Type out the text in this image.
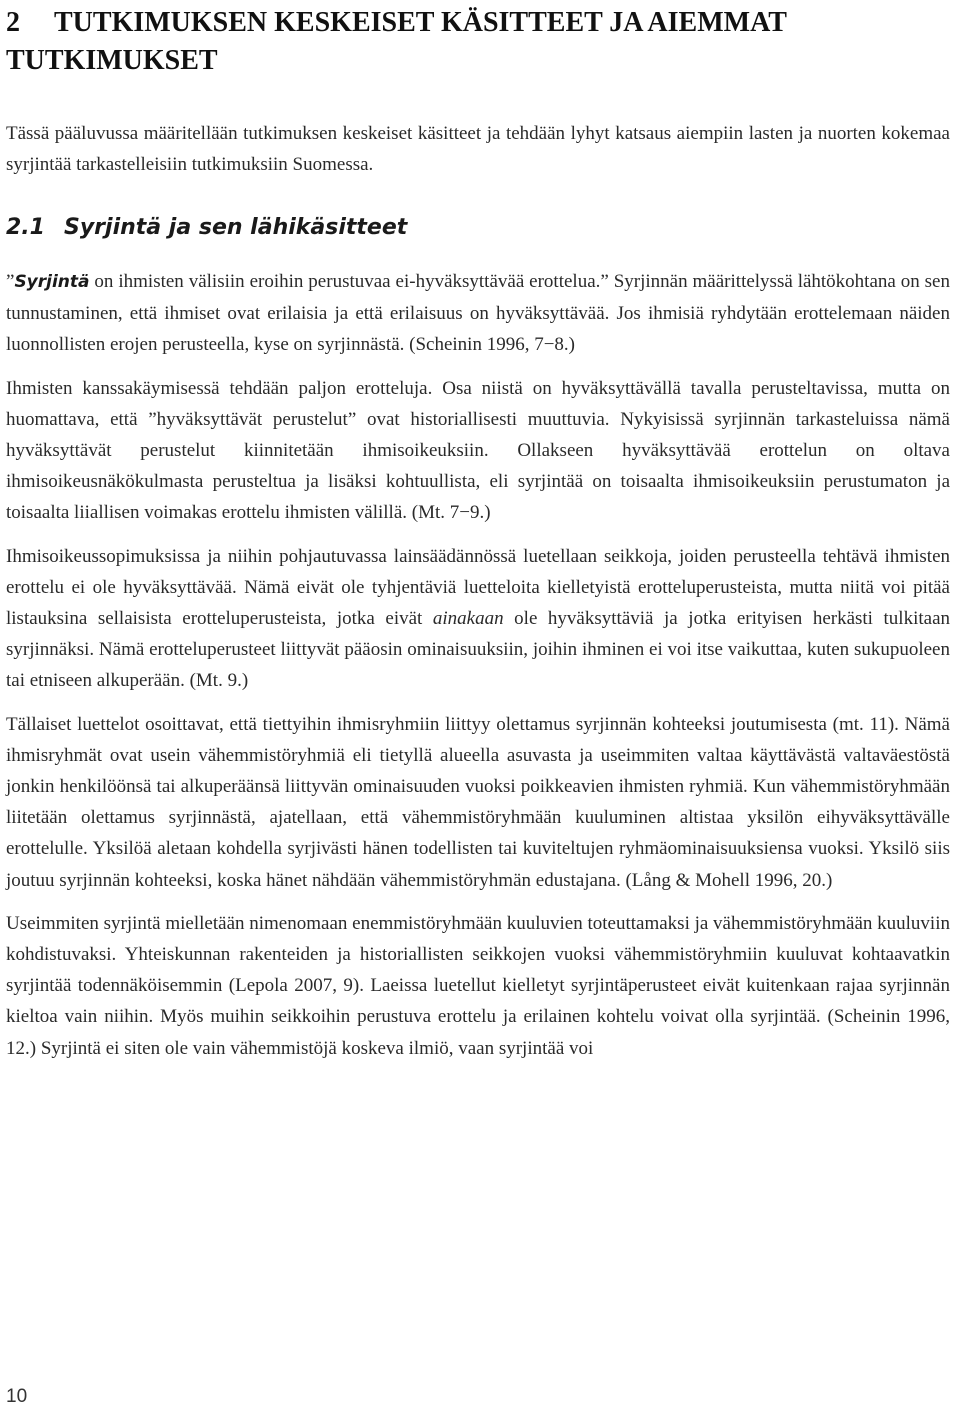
2 TUTKIMUKSEN KESKEISET KÄSITTEET JA AIEMMAT TUTKIMUKSET

Tässä pääluvussa määritellään tutkimuksen keskeiset käsitteet ja tehdään lyhyt katsaus aiempiin lasten ja nuorten kokemaa syrjintää tarkastelleisiin tutkimuksiin Suomessa.

2.1 Syrjintä ja sen lähikäsitteet

”Syrjintä on ihmisten välisiin eroihin perustuvaa ei-hyväksyttävää erottelua.” Syrjinnän määrittelyssä lähtökohtana on sen tunnustaminen, että ihmiset ovat erilaisia ja että erilaisuus on hyväksyttävää. Jos ihmisiä ryhdytään erottelemaan näiden luonnollisten erojen perusteella, kyse on syrjinnästä. (Scheinin 1996, 7−8.)

Ihmisten kanssakäymisessä tehdään paljon erotteluja. Osa niistä on hyväksyttävällä tavalla perusteltavissa, mutta on huomattava, että ”hyväksyttävät perustelut” ovat historiallisesti muuttuvia. Nykyisissä syrjinnän tarkasteluissa nämä hyväksyttävät perustelut kiinnitetään ihmisoikeuksiin. Ollakseen hyväksyttävää erottelun on oltava ihmisoikeusnäkökulmasta perusteltua ja lisäksi kohtuullista, eli syrjintää on toisaalta ihmisoikeuksiin perustumaton ja toisaalta liiallisen voimakas erottelu ihmisten välillä. (Mt. 7−9.)

Ihmisoikeussopimuksissa ja niihin pohjautuvassa lainsäädännössä luetellaan seikkoja, joiden perusteella tehtävä ihmisten erottelu ei ole hyväksyttävää. Nämä eivät ole tyhjentäviä luetteloita kielletyistä erotteluperusteista, mutta niitä voi pitää listauksina sellaisista erotteluperusteista, jotka eivät ainakaan ole hyväksyttäviä ja jotka erityisen herkästi tulkitaan syrjinnäksi. Nämä erotteluperusteet liittyvät pääosin ominaisuuksiin, joihin ihminen ei voi itse vaikuttaa, kuten sukupuoleen tai etniseen alkuperään. (Mt. 9.)

Tällaiset luettelot osoittavat, että tiettyihin ihmisryhmiin liittyy olettamus syrjinnän kohteeksi joutumisesta (mt. 11). Nämä ihmisryhmät ovat usein vähemmistöryhmiä eli tietyllä alueella asuvasta ja useimmiten valtaa käyttävästä valtaväestöstä jonkin henkilöönsä tai alkuperäänsä liittyvän ominaisuuden vuoksi poikkeavien ihmisten ryhmiä. Kun vähemmistöryhmään liitetään olettamus syrjinnästä, ajatellaan, että vähemmistöryhmään kuuluminen altistaa yksilön eihyväksyttävälle erottelulle. Yksilöä aletaan kohdella syrjivästi hänen todellisten tai kuviteltujen ryhmäominaisuuksiensa vuoksi. Yksilö siis joutuu syrjinnän kohteeksi, koska hänet nähdään vähemmistöryhmän edustajana. (Lång & Mohell 1996, 20.)

Useimmiten syrjintä mielletään nimenomaan enemmistöryhmään kuuluvien toteuttamaksi ja vähemmistöryhmään kuuluviin kohdistuvaksi. Yhteiskunnan rakenteiden ja historiallisten seikkojen vuoksi vähemmistöryhmiin kuuluvat kohtaavatkin syrjintää todennäköisemmin (Lepola 2007, 9). Laeissa luetellut kielletyt syrjintäperusteet eivät kuitenkaan rajaa syrjinnän kieltoa vain niihin. Myös muihin seikkoihin perustuva erottelu ja erilainen kohtelu voivat olla syrjintää. (Scheinin 1996, 12.) Syrjintä ei siten ole vain vähemmistöjä koskeva ilmiö, vaan syrjintää voi

10
